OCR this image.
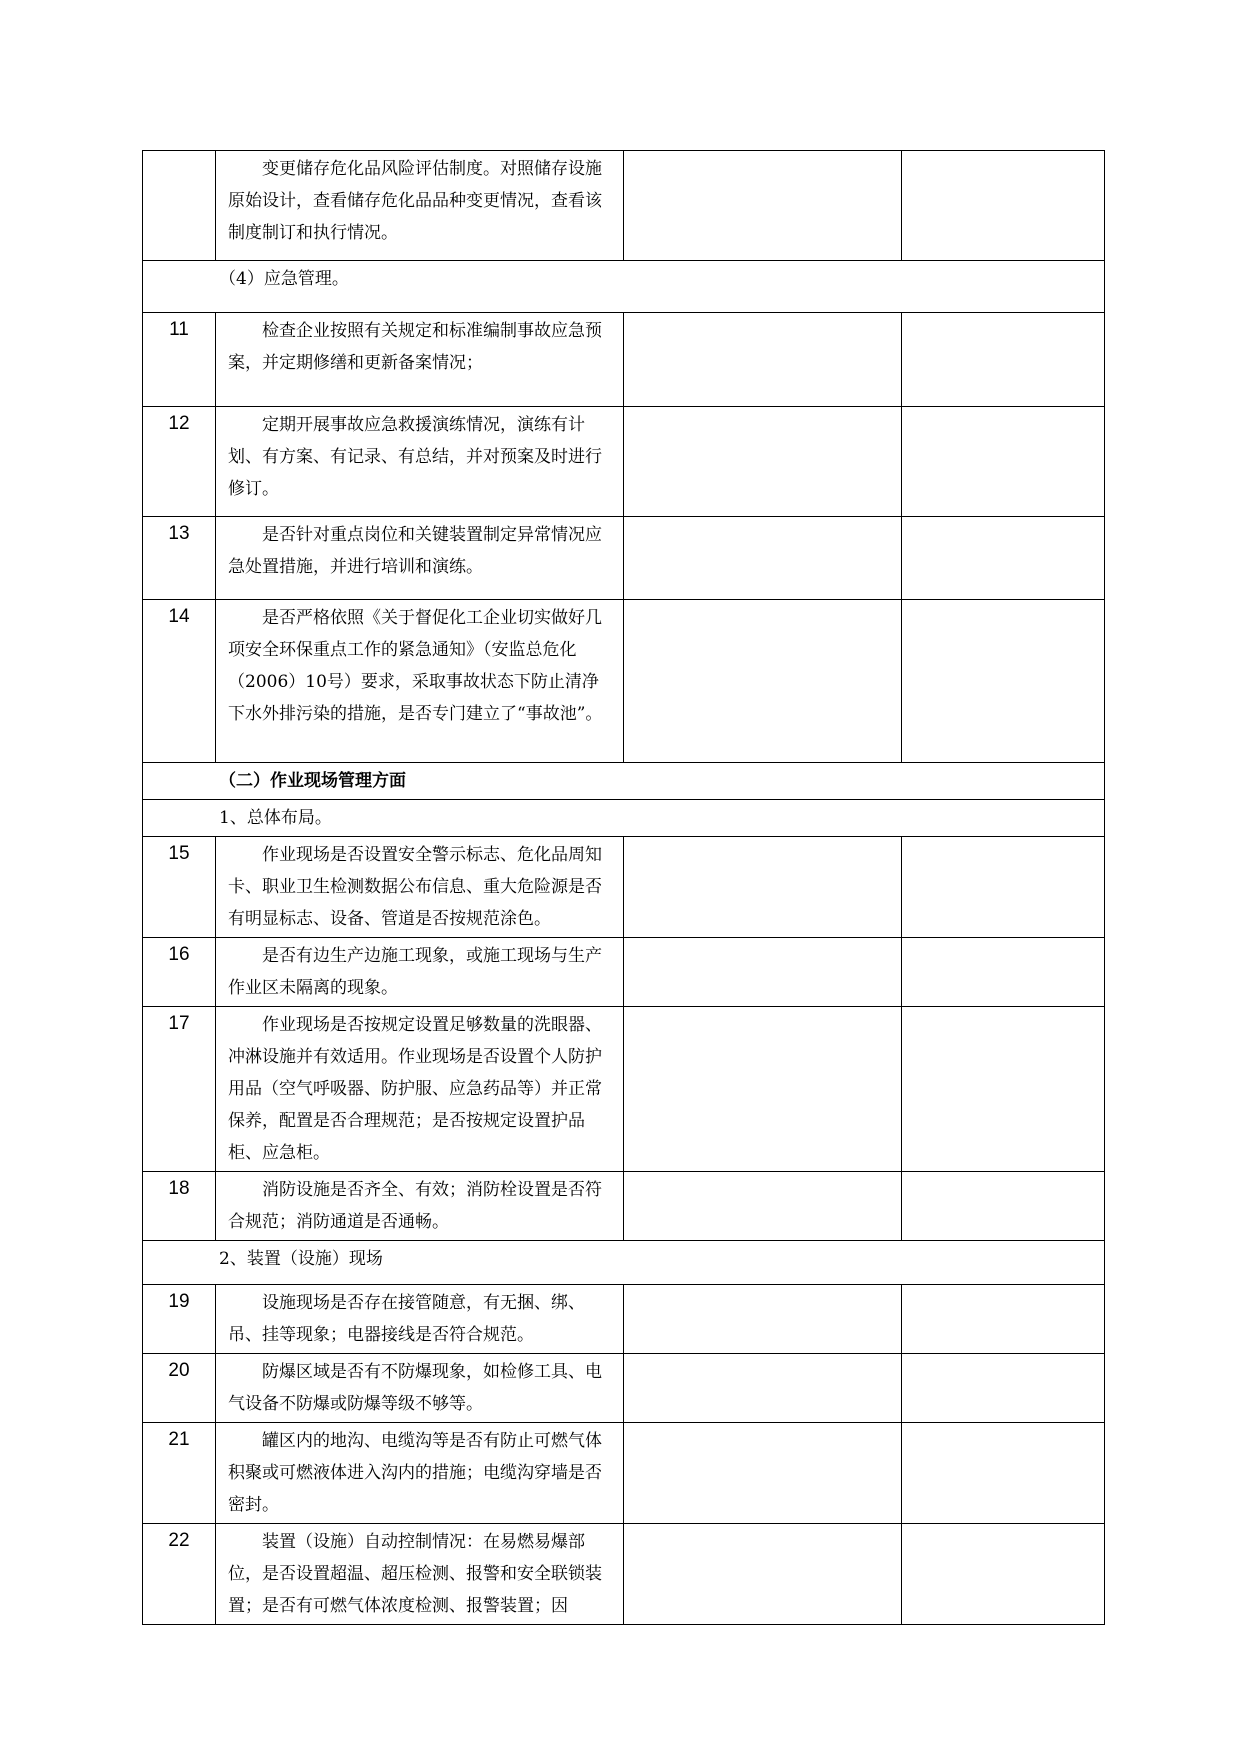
	变更储存危化品风险评估制度。对照储存设施原始设计，查看储存危化品品种变更情况，查看该制度制订和执行情况。		
（4）应急管理。			
11	检查企业按照有关规定和标准编制事故应急预案，并定期修缮和更新备案情况；		
12	定期开展事故应急救援演练情况，演练有计划、有方案、有记录、有总结，并对预案及时进行修订。		
13	是否针对重点岗位和关键装置制定异常情况应急处置措施，并进行培训和演练。		
14	是否严格依照《关于督促化工企业切实做好几项安全环保重点工作的紧急通知》（安监总危化（2006）10号）要求，采取事故状态下防止清净下水外排污染的措施，是否专门建立了“事故池”。		
（二）作业现场管理方面			
1、总体布局。			
15	作业现场是否设置安全警示标志、危化品周知卡、职业卫生检测数据公布信息、重大危险源是否有明显标志、设备、管道是否按规范涂色。		
16	是否有边生产边施工现象，或施工现场与生产作业区未隔离的现象。		
17	作业现场是否按规定设置足够数量的洗眼器、冲淋设施并有效适用。作业现场是否设置个人防护用品（空气呼吸器、防护服、应急药品等）并正常保养，配置是否合理规范；是否按规定设置护品柜、应急柜。		
18	消防设施是否齐全、有效；消防栓设置是否符合规范；消防通道是否通畅。		
2、装置（设施）现场			
19	设施现场是否存在接管随意，有无捆、绑、吊、挂等现象；电器接线是否符合规范。		
20	防爆区域是否有不防爆现象，如检修工具、电气设备不防爆或防爆等级不够等。		
21	罐区内的地沟、电缆沟等是否有防止可燃气体积聚或可燃液体进入沟内的措施；电缆沟穿墙是否密封。		
22	装置（设施）自动控制情况：在易燃易爆部位，是否设置超温、超压检测、报警和安全联锁装置；是否有可燃气体浓度检测、报警装置；因		
